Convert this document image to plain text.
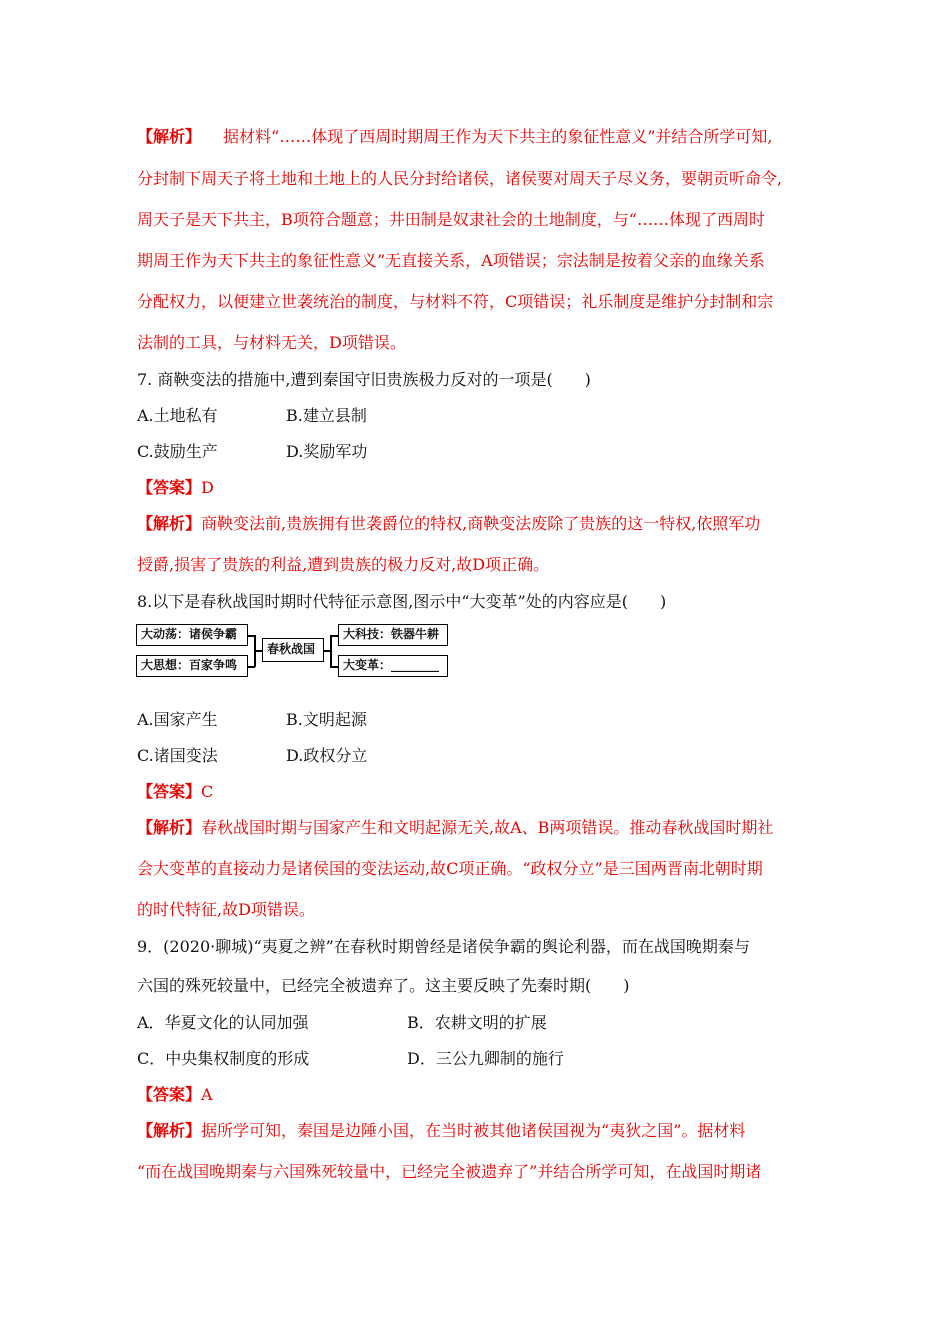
【解析】 据材料“……体现了西周时期周王作为天下共主的象征性意义”并结合所学可知,
分封制下周天子将土地和土地上的人民分封给诸侯，诸侯要对周天子尽义务，要朝贡听命令,
周天子是天下共主，B项符合题意；井田制是奴隶社会的土地制度，与“……体现了西周时
期周王作为天下共主的象征性意义”无直接关系，A项错误；宗法制是按着父亲的血缘关系
分配权力，以便建立世袭统治的制度，与材料不符，C项错误；礼乐制度是维护分封制和宗
法制的工具，与材料无关，D项错误。
7. 商鞅变法的措施中,遭到秦国守旧贵族极力反对的一项是(　　)
A.土地私有	B.建立县制
C.鼓励生产	D.奖励军功
【答案】D
【解析】商鞅变法前,贵族拥有世袭爵位的特权,商鞅变法废除了贵族的这一特权,依照军功
授爵,损害了贵族的利益,遭到贵族的极力反对,故D项正确。
8.以下是春秋战国时期时代特征示意图,图示中“大变革”处的内容应是(　　)
大动荡：诸侯争霸
大思想：百家争鸣
春秋战国
大科技：铁器牛耕
大变革：________
A.国家产生	B.文明起源
C.诸国变法	D.政权分立
【答案】C
【解析】春秋战国时期与国家产生和文明起源无关,故A、B两项错误。推动春秋战国时期社
会大变革的直接动力是诸侯国的变法运动,故C项正确。“政权分立”是三国两晋南北朝时期
的时代特征,故D项错误。
9．(2020·聊城)“夷夏之辨”在春秋时期曾经是诸侯争霸的舆论利器，而在战国晚期秦与
六国的殊死较量中，已经完全被遗弃了。这主要反映了先秦时期(　　)
A．华夏文化的认同加强	B．农耕文明的扩展
C．中央集权制度的形成	D．三公九卿制的施行
【答案】A
【解析】据所学可知，秦国是边陲小国，在当时被其他诸侯国视为“夷狄之国”。据材料
“而在战国晚期秦与六国殊死较量中，已经完全被遗弃了”并结合所学可知，在战国时期诸
